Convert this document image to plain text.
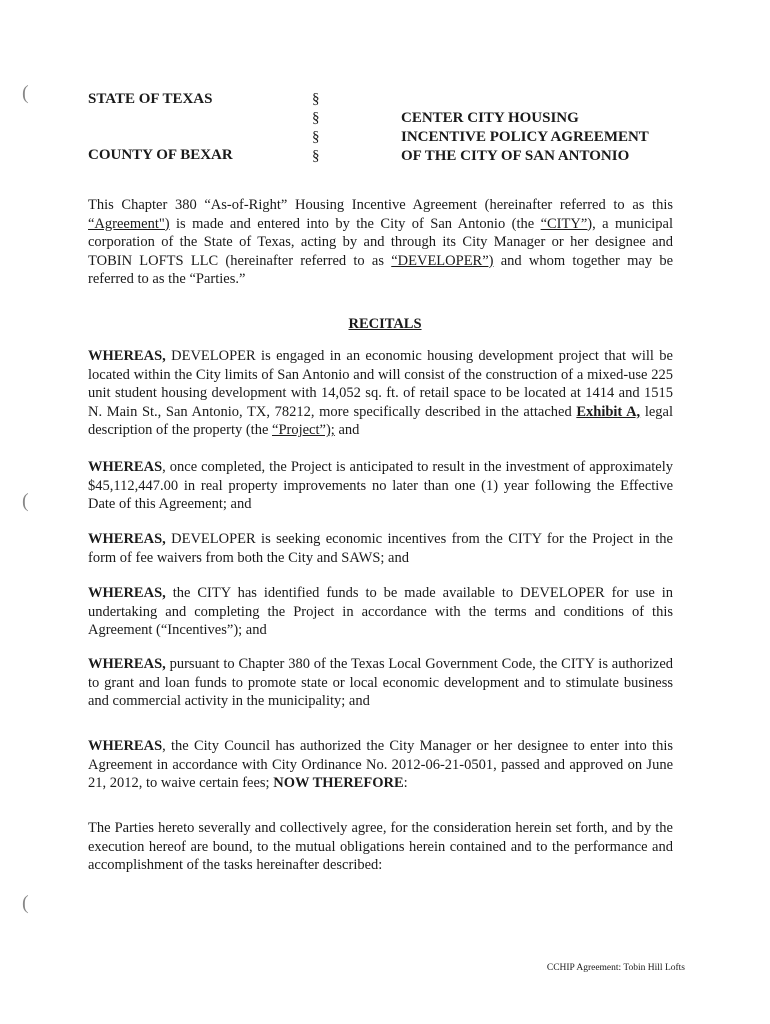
(
(
(
STATE OF TEXAS
COUNTY OF BEXAR
§
§
§
§
CENTER CITY HOUSING
INCENTIVE POLICY AGREEMENT
OF THE CITY OF SAN ANTONIO

This Chapter 380 “As-of-Right” Housing Incentive Agreement (hereinafter referred to as this “Agreement") is made and entered into by the City of San Antonio (the “CITY”), a municipal corporation of the State of Texas, acting by and through its City Manager or her designee and TOBIN LOFTS LLC (hereinafter referred to as “DEVELOPER”) and whom together may be referred to as the “Parties.”

RECITALS

WHEREAS, DEVELOPER is engaged in an economic housing development project that will be located within the City limits of San Antonio and will consist of the construction of a mixed-use 225 unit student housing development with 14,052 sq. ft. of retail space to be located at 1414 and 1515 N. Main St., San Antonio, TX, 78212, more specifically described in the attached Exhibit A, legal description of the property (the “Project”); and

WHEREAS, once completed, the Project is anticipated to result in the investment of approximately $45,112,447.00 in real property improvements no later than one (1) year following the Effective Date of this Agreement; and

WHEREAS, DEVELOPER is seeking economic incentives from the CITY for the Project in the form of fee waivers from both the City and SAWS; and

WHEREAS, the CITY has identified funds to be made available to DEVELOPER for use in undertaking and completing the Project in accordance with the terms and conditions of this Agreement (“Incentives”); and

WHEREAS, pursuant to Chapter 380 of the Texas Local Government Code, the CITY is authorized to grant and loan funds to promote state or local economic development and to stimulate business and commercial activity in the municipality; and

WHEREAS, the City Council has authorized the City Manager or her designee to enter into this Agreement in accordance with City Ordinance No. 2012-06-21-0501, passed and approved on June 21, 2012, to waive certain fees; NOW THEREFORE:

The Parties hereto severally and collectively agree, for the consideration herein set forth, and by the execution hereof are bound, to the mutual obligations herein contained and to the performance and accomplishment of the tasks hereinafter described:

CCHIP Agreement: Tobin Hill Lofts
